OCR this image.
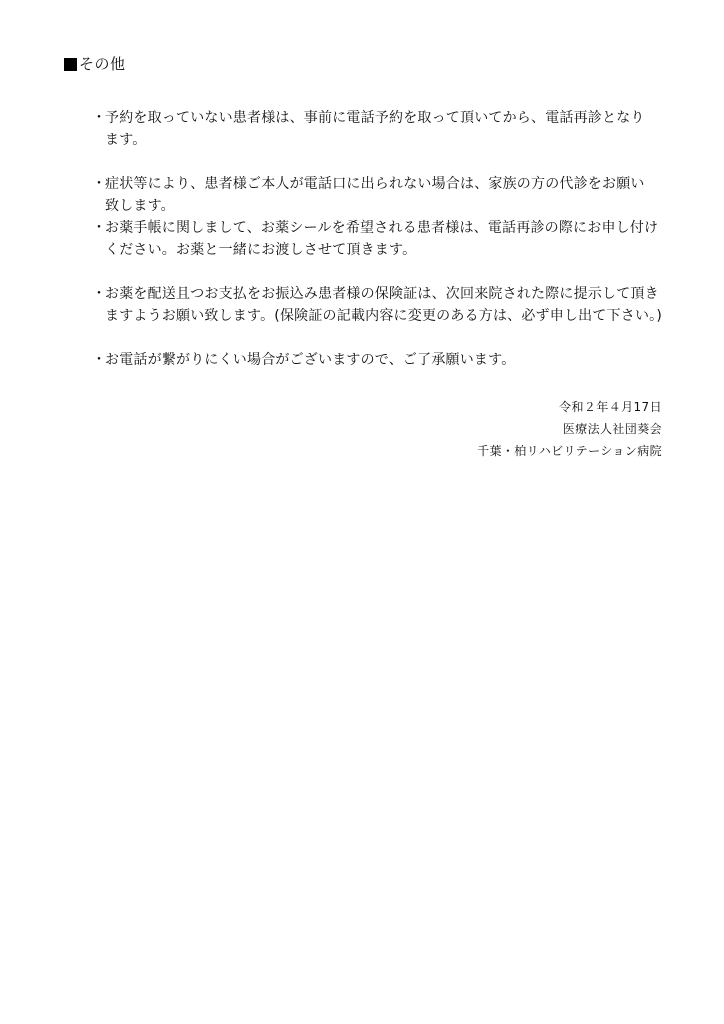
その他
・
予約を取っていない患者様は、事前に電話予約を取って頂いてから、電話再診となり
ます。
・
症状等により、患者様ご本人が電話口に出られない場合は、家族の方の代診をお願い
致します。
・
お薬手帳に関しまして、お薬シールを希望される患者様は、電話再診の際にお申し付け
ください。お薬と一緒にお渡しさせて頂きます。
・
お薬を配送且つお支払をお振込み患者様の保険証は、次回来院された際に提示して頂き
ますようお願い致します。(保険証の記載内容に変更のある方は、必ず申し出て下さい。)
・
お電話が繋がりにくい場合がございますので、ご了承願います。
令和２年４月17日
医療法人社団葵会
千葉・柏リハビリテーション病院
